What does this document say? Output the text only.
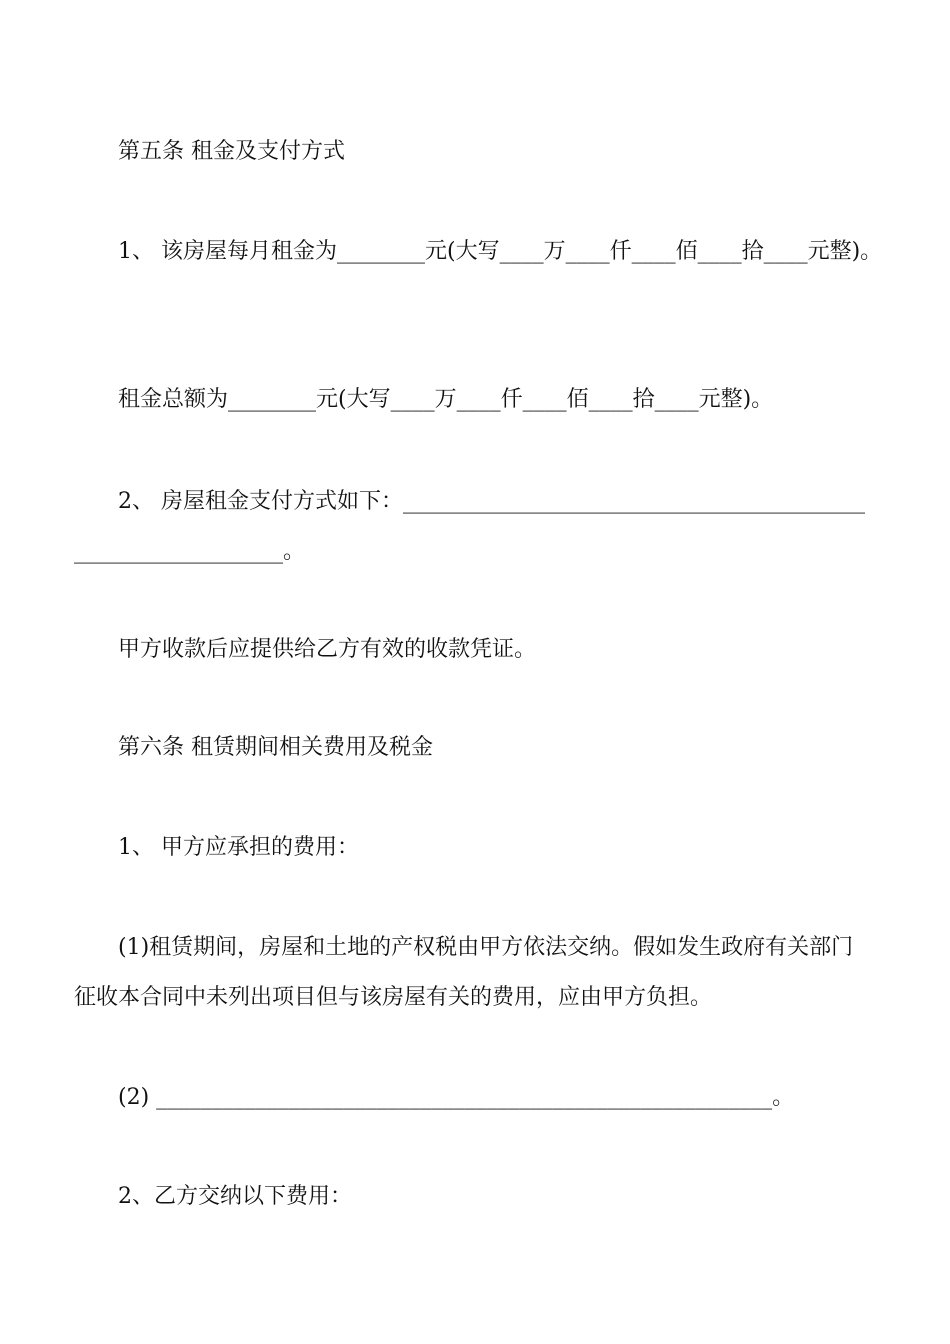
第五条 租金及支付方式
1、 该房屋每月租金为________元(大写____万____仟____佰____拾____元整)。
租金总额为________元(大写____万____仟____佰____拾____元整)。
2、 房屋租金支付方式如下：__________________________________________
___________________。
甲方收款后应提供给乙方有效的收款凭证。
第六条 租赁期间相关费用及税金
1、 甲方应承担的费用：
(1)租赁期间，房屋和土地的产权税由甲方依法交纳。假如发生政府有关部门
征收本合同中未列出项目但与该房屋有关的费用，应由甲方负担。
(2) ________________________________________________________。
2、乙方交纳以下费用：
